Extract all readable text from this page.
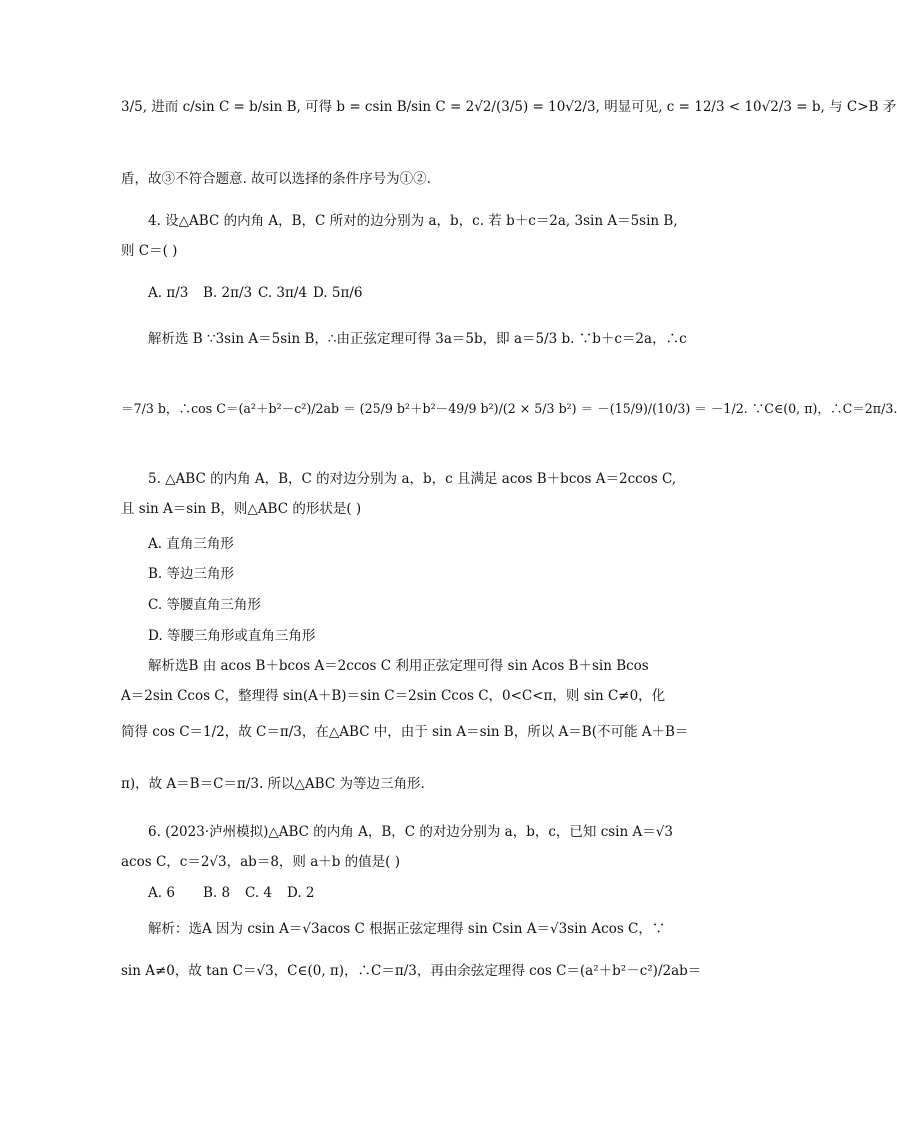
3/5, 进而 c/sin C = b/sin B, 可得 b = csin B/sin C = 2√2/(3/5) = 10√2/3, 明显可见, c = 12/3 < 10√2/3 = b, 与 C>B 矛
盾，故③不符合题意. 故可以选择的条件序号为①②.
4. 设△ABC 的内角 A，B，C 所对的边分别为 a，b，c. 若 b＋c＝2a, 3sin A＝5sin B,
则 C＝( )
A. π/3 B. 2π/3 C. 3π/4 D. 5π/6
解析选 B ∵3sin A＝5sin B，∴由正弦定理可得 3a＝5b，即 a＝5/3 b. ∵b＋c＝2a，∴c
＝7/3 b，∴cos C＝(a²＋b²－c²)/2ab ＝ (25/9 b²＋b²－49/9 b²)/(2 × 5/3 b²) ＝ －(15/9)/(10/3) ＝ －1/2. ∵C∈(0, π)，∴C＝2π/3.
5. △ABC 的内角 A，B，C 的对边分别为 a，b，c 且满足 acos B＋bcos A＝2ccos C,
且 sin A＝sin B，则△ABC 的形状是( )
A. 直角三角形
B. 等边三角形
C. 等腰直角三角形
D. 等腰三角形或直角三角形
解析选B 由 acos B＋bcos A＝2ccos C 利用正弦定理可得 sin Acos B＋sin Bcos
A＝2sin Ccos C，整理得 sin(A＋B)＝sin C＝2sin Ccos C，0<C<π，则 sin C≠0，化
简得 cos C＝1/2，故 C＝π/3，在△ABC 中，由于 sin A＝sin B，所以 A＝B(不可能 A＋B＝
π)，故 A＝B＝C＝π/3. 所以△ABC 为等边三角形.
6. (2023·泸州模拟)△ABC 的内角 A，B，C 的对边分别为 a，b，c，已知 csin A＝√3
acos C，c＝2√3，ab＝8，则 a＋b 的值是( )
A. 6 B. 8 C. 4 D. 2
解析：选A 因为 csin A＝√3acos C 根据正弦定理得 sin Csin A＝√3sin Acos C，∵
sin A≠0，故 tan C＝√3，C∈(0, π)，∴C＝π/3，再由余弦定理得 cos C＝(a²＋b²－c²)/2ab＝
